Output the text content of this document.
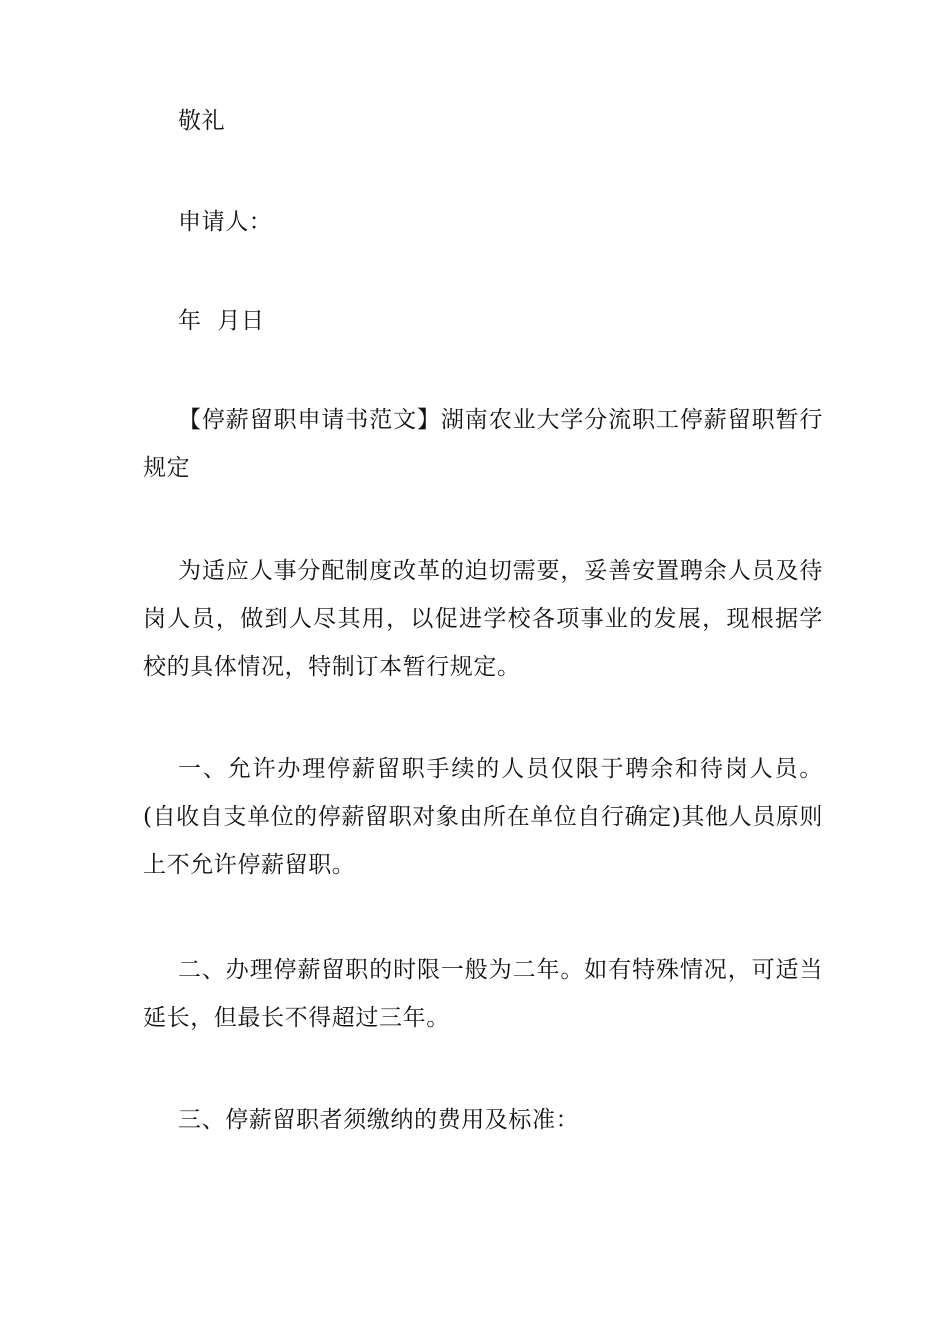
敬礼

申请人：

年  月日

【停薪留职申请书范文】湖南农业大学分流职工停薪留职暂行规定

为适应人事分配制度改革的迫切需要，妥善安置聘余人员及待岗人员，做到人尽其用，以促进学校各项事业的发展，现根据学校的具体情况，特制订本暂行规定。

一、允许办理停薪留职手续的人员仅限于聘余和待岗人员。(自收自支单位的停薪留职对象由所在单位自行确定)其他人员原则上不允许停薪留职。

二、办理停薪留职的时限一般为二年。如有特殊情况，可适当延长，但最长不得超过三年。

三、停薪留职者须缴纳的费用及标准：
